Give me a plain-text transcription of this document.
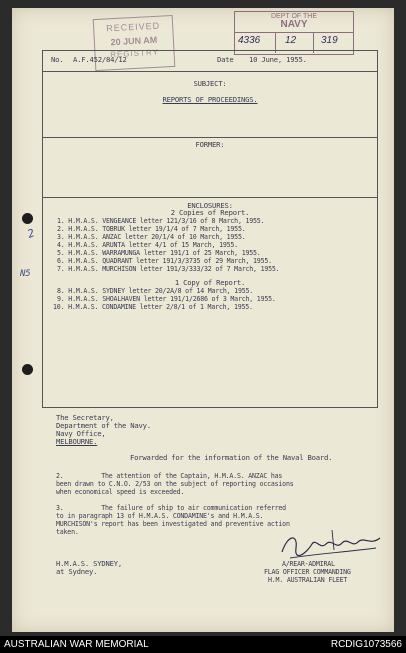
RECEIVED
20 JUN AM
REGISTRY
DEPT OF THE
NAVY
4336 12 319
2
N5
No. A.F.452/84/12	Date 10 June, 1955.
SUBJECT:
REPORTS OF PROCEEDINGS.
FORMER:
ENCLOSURES:
2 Copies of Report.
1. H.M.A.S. VENGEANCE letter 121/3/16 of 8 March, 1955.
2. H.M.A.S. TOBRUK letter 19/1/4 of 7 March, 1955.
3. H.M.A.S. ANZAC letter 20/1/4 of 10 March, 1955.
4. H.M.A.S. ARUNTA letter 4/1 of 15 March, 1955.
5. H.M.A.S. WARRAMUNGA letter 191/1 of 25 March, 1955.
6. H.M.A.S. QUADRANT letter 191/3/3735 of 29 March, 1955.
7. H.M.A.S. MURCHISON letter 191/3/333/32 of 7 March, 1955.
1 Copy of Report.
8. H.M.A.S. SYDNEY letter 20/2A/8 of 14 March, 1955.
9. H.M.A.S. SHOALHAVEN letter 191/1/2686 of 3 March, 1955.
10. H.M.A.S. CONDAMINE letter 2/8/1 of 1 March, 1955.
The Secretary,
Department of the Navy.
Navy Office,
MELBOURNE.
Forwarded for the information of the Naval Board.
2.          The attention of the Captain, H.M.A.S. ANZAC has
been drawn to C.N.O. 2/53 on the subject of reporting occasions
when economical speed is exceeded.
3.          The failure of ship to air communication referred
to in paragraph 13 of H.M.A.S. CONDAMINE's and H.M.A.S.
MURCHISON's report has been investigated and preventive action
taken.
H.M.A.S. SYDNEY,
at Sydney.
A/REAR-ADMIRAL
FLAG OFFICER COMMANDING
H.M. AUSTRALIAN FLEET
AUSTRALIAN WAR MEMORIAL	RCDIG1073566
